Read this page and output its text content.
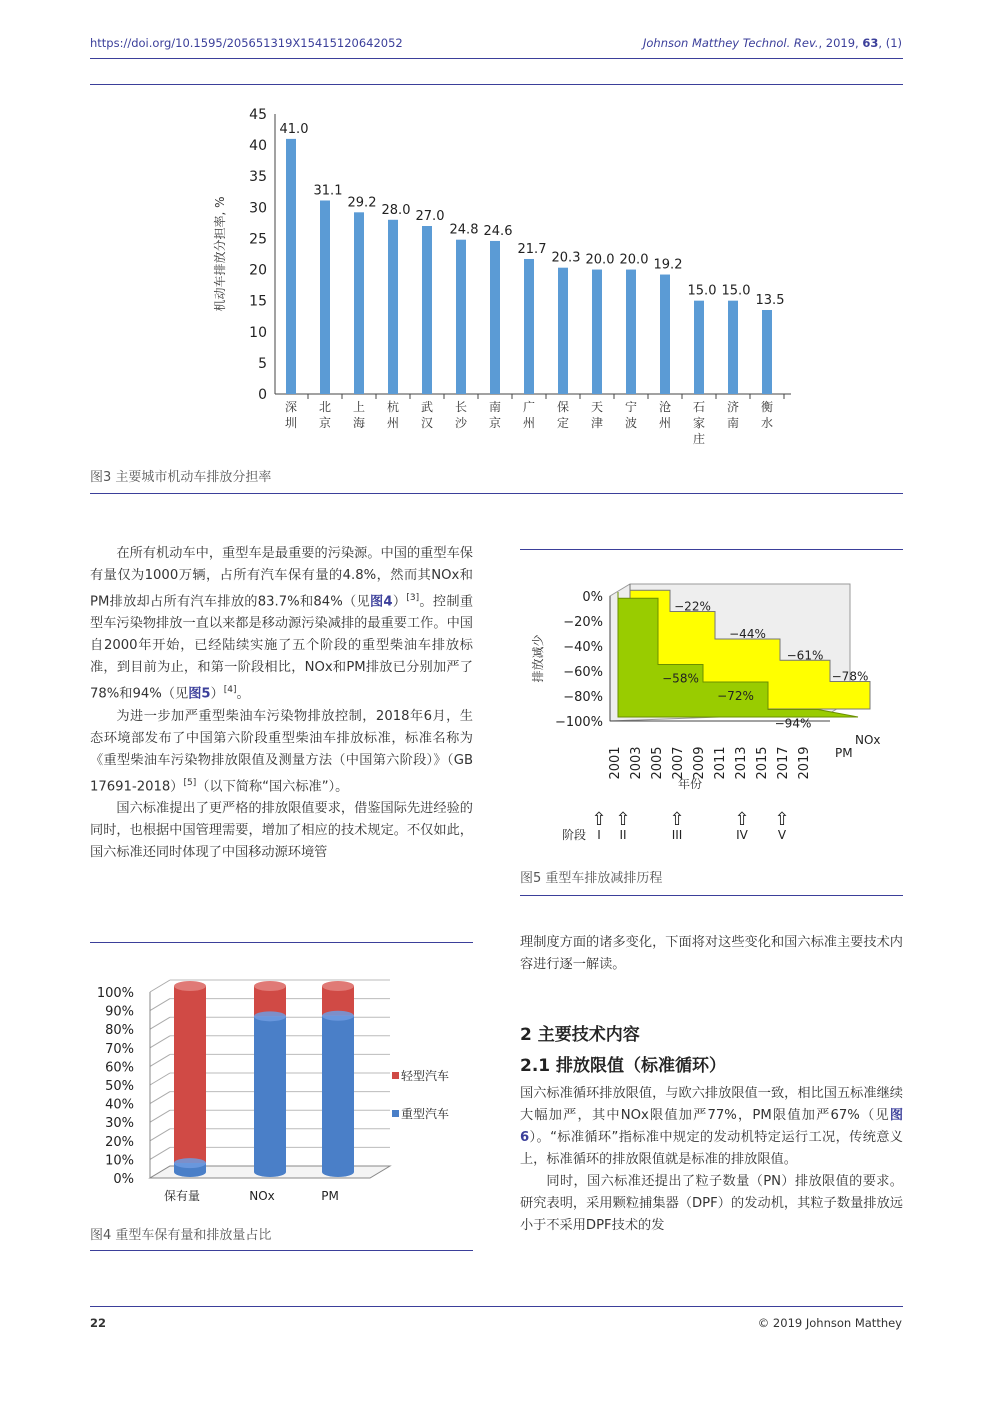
https://doi.org/10.1595/205651319X15415120642052	Johnson Matthey Technol. Rev., 2019, 63, (1)
0
5
10
15
20
25
30
35
40
45
机动车排放分担率, %
41.0
深
圳
31.1
北
京
29.2
上
海
28.0
杭
州
27.0
武
汉
24.8
长
沙
24.6
南
京
21.7
广
州
20.3
保
定
20.0
天
津
20.0
宁
波
19.2
沧
州
15.0
石
家
庄
15.0
济
南
13.5
衡
水
图3 主要城市机动车排放分担率

在所有机动车中，重型车是最重要的污染源。中国的重型车保有量仅为1000万辆，占所有汽车保有量的4.8%，然而其NOx和PM排放却占所有汽车排放的83.7%和84%（见图4）[3]。控制重型车污染物排放一直以来都是移动源污染减排的最重要工作。中国自2000年开始，已经陆续实施了五个阶段的重型柴油车排放标准，到目前为止，和第一阶段相比，NOx和PM排放已分别加严了78%和94%（见图5）[4]。

为进一步加严重型柴油车污染物排放控制，2018年6月，生态环境部发布了中国第六阶段重型柴油车排放标准，标准名称为《重型柴油车污染物排放限值及测量方法（中国第六阶段）》（GB 17691-2018）[5]（以下简称“国六标准”）。

国六标准提出了更严格的排放限值要求，借鉴国际先进经验的同时，也根据中国管理需要，增加了相应的技术规定。不仅如此，国六标准还同时体现了中国移动源环境管

0%
−20%
−40%
−60%
−80%
−100%
排放减少
−22%
−44%
−61%
−78%
−58%
−72%
−94%
NOx
PM
2001 2003 2005 2007 2009 2011 2013 2015 2017 2019
年份
⇧
I
⇧
II
⇧
III
⇧
IV
⇧
V
阶段
图5 重型车排放减排历程
0%
10%
20%
30%
40%
50%
60%
70%
80%
90%
100%
保有量	NOx	PM
轻型汽车
重型汽车
图4 重型车保有量和排放量占比

理制度方面的诸多变化，下面将对这些变化和国六标准主要技术内容进行逐一解读。

2 主要技术内容
2.1 排放限值（标准循环）

国六标准循环排放限值，与欧六排放限值一致，相比国五标准继续大幅加严，其中NOx限值加严77%，PM限值加严67%（见图6）。“标准循环”指标准中规定的发动机特定运行工况，传统意义上，标准循环的排放限值就是标准的排放限值。

同时，国六标准还提出了粒子数量（PN）排放限值的要求。研究表明，采用颗粒捕集器（DPF）的发动机，其粒子数量排放远小于不采用DPF技术的发

22	© 2019 Johnson Matthey
